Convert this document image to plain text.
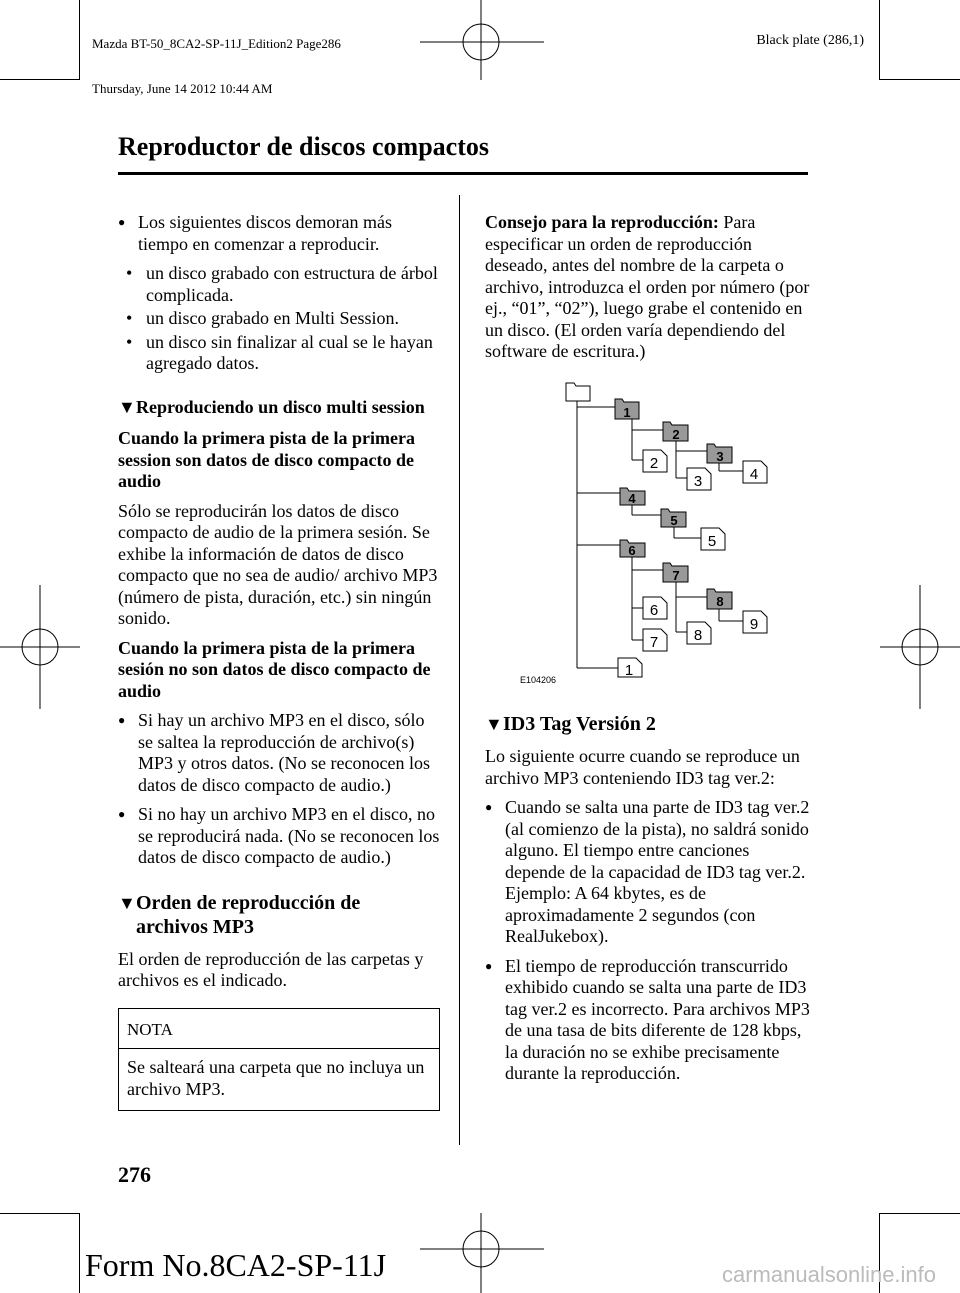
Mazda BT-50_8CA2-SP-11J_Edition2 Page286

Thursday, June 14 2012 10:44 AM

Black plate (286,1)
Reproductor de discos compactos
● Los siguientes discos demoran más tiempo en comenzar a reproducir.
• un disco grabado con estructura de árbol complicada.
• un disco grabado en Multi Session.
• un disco sin finalizar al cual se le hayan agregado datos.
▼ Reproduciendo un disco multi session

Cuando la primera pista de la primera session son datos de disco compacto de audio

Sólo se reproducirán los datos de disco compacto de audio de la primera sesión. Se exhibe la información de datos de disco compacto que no sea de audio/ archivo MP3 (número de pista, duración, etc.) sin ningún sonido.

Cuando la primera pista de la primera sesión no son datos de disco compacto de audio

● Si hay un archivo MP3 en el disco, sólo se saltea la reproducción de archivo(s) MP3 y otros datos. (No se reconocen los datos de disco compacto de audio.)
● Si no hay un archivo MP3 en el disco, no se reproducirá nada. (No se reconocen los datos de disco compacto de audio.)
▼ Orden de reproducción de
archivos MP3

El orden de reproducción de las carpetas y archivos es el indicado.

NOTA
Se salteará una carpeta que no incluya un archivo MP3.

Consejo para la reproducción: Para especificar un orden de reproducción deseado, antes del nombre de la carpeta o archivo, introduzca el orden por número (por ej., “01”, “02”), luego grabe el contenido en un disco. (El orden varía dependiendo del software de escritura.)

1
2
3
4
5
6
7
8
1
2
3	4
5
6
7 8
9
E104206
▼ ID3 Tag Versión 2

Lo siguiente ocurre cuando se reproduce un archivo MP3 conteniendo ID3 tag ver.2:

● Cuando se salta una parte de ID3 tag ver.2 (al comienzo de la pista), no saldrá sonido alguno. El tiempo entre canciones depende de la capacidad de ID3 tag ver.2. Ejemplo: A 64 kbytes, es de aproximadamente 2 segundos (con RealJukebox).
● El tiempo de reproducción transcurrido exhibido cuando se salta una parte de ID3 tag ver.2 es incorrecto. Para archivos MP3 de una tasa de bits diferente de 128 kbps, la duración no se exhibe precisamente durante la reproducción.
276
Form No.8CA2-SP-11J	carmanualsonline.info
